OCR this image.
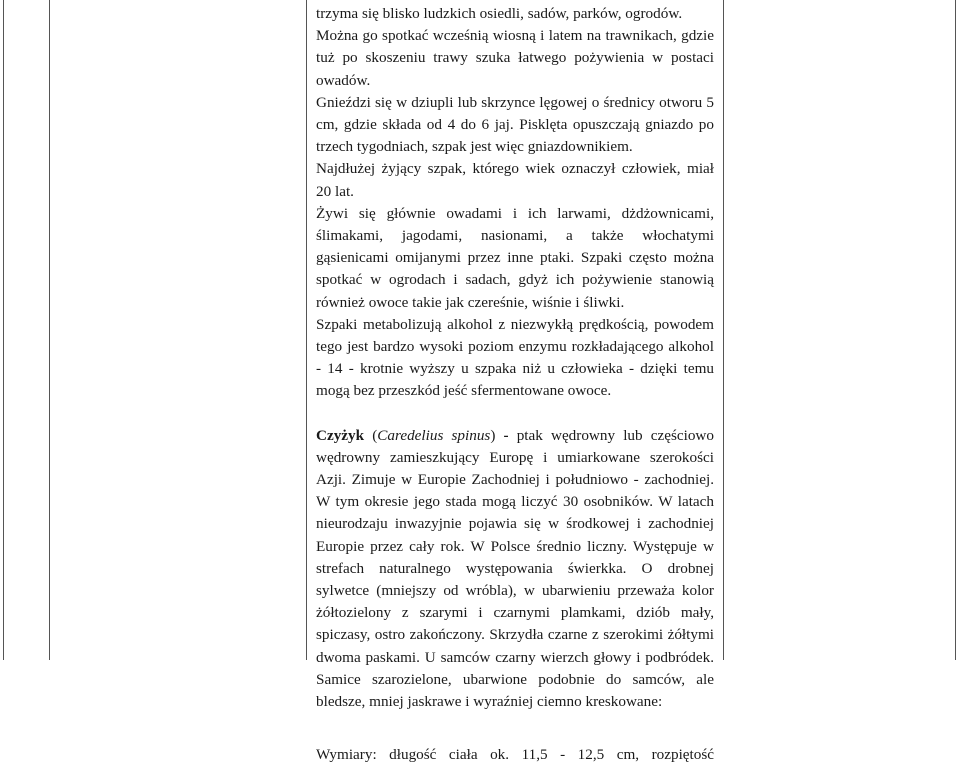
trzyma się blisko ludzkich osiedli, sadów, parków, ogrodów.

Można go spotkać wcześnią wiosną i latem na trawnikach, gdzie tuż po skoszeniu trawy szuka łatwego pożywienia w postaci owadów.

Gnieździ się w dziupli lub skrzynce lęgowej o średnicy otworu 5 cm, gdzie składa od 4 do 6 jaj. Pisklęta opuszczają gniazdo po trzech tygodniach, szpak jest więc gniazdownikiem.

Najdłużej żyjący szpak, którego wiek oznaczył człowiek, miał 20 lat.

Żywi się głównie owadami i ich larwami, dżdżownicami, ślimakami, jagodami, nasionami, a także włochatymi gąsienicami omijanymi przez inne ptaki. Szpaki często można spotkać w ogrodach i sadach, gdyż ich pożywienie stanowią również owoce takie jak czereśnie, wiśnie i śliwki.

Szpaki metabolizują alkohol z niezwykłą prędkością, powodem tego jest bardzo wysoki poziom enzymu rozkładającego alkohol - 14 - krotnie wyższy u szpaka niż u człowieka - dzięki temu mogą bez przeszkód jeść sfermentowane owoce.

Czyżyk (Caredelius spinus) - ptak wędrowny lub częściowo wędrowny zamieszkujący Europę i umiarkowane szerokości Azji. Zimuje w Europie Zachodniej i południowo - zachodniej. W tym okresie jego stada mogą liczyć 30 osobników. W latach nieurodzaju inwazyjnie pojawia się w środkowej i zachodniej Europie przez cały rok. W Polsce średnio liczny. Występuje w strefach naturalnego występowania świerkka. O drobnej sylwetce (mniejszy od wróbla), w ubarwieniu przeważa kolor żółtozielony z szarymi i czarnymi plamkami, dziób mały, spiczasy, ostro zakończony. Skrzydła czarne z szerokimi żółtymi dwoma paskami. U samców czarny wierzch głowy i podbródek. Samice szarozielone, ubarwione podobnie do samców, ale bledsze, mniej jaskrawe i wyraźniej ciemno kreskowane:

Wymiary: długość ciała ok. 11,5 - 12,5 cm, rozpiętość
